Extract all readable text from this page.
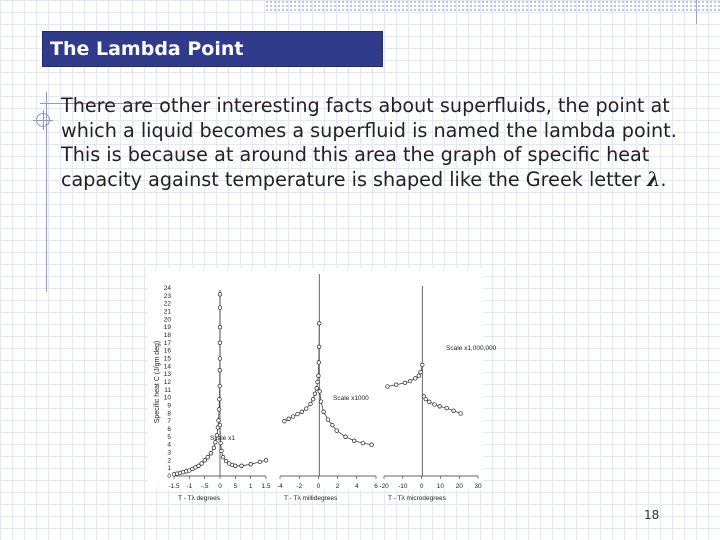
The Lambda Point

There are other interesting facts about superfluids, the point at which a liquid becomes a superfluid is named the lambda point. This is because at around this area the graph of specific heat capacity against temperature is shaped like the Greek letter λ.

0
1
2
3
4
5
6
7
8
9
10
11
12
13
14
15
16
17
18
19
20
21
22
23
24
Specific heat C (J/gm deg)
-1.5 -1 -.5 0 5 1 1.5
T - Tλ degrees
Scale x1
-4 -2 0 2 4 6
T - Tλ millidegrees
Scale x1000
-20 -10 0 10 20 30
T - Tλ microdegrees
Scale x1,000,000
18
